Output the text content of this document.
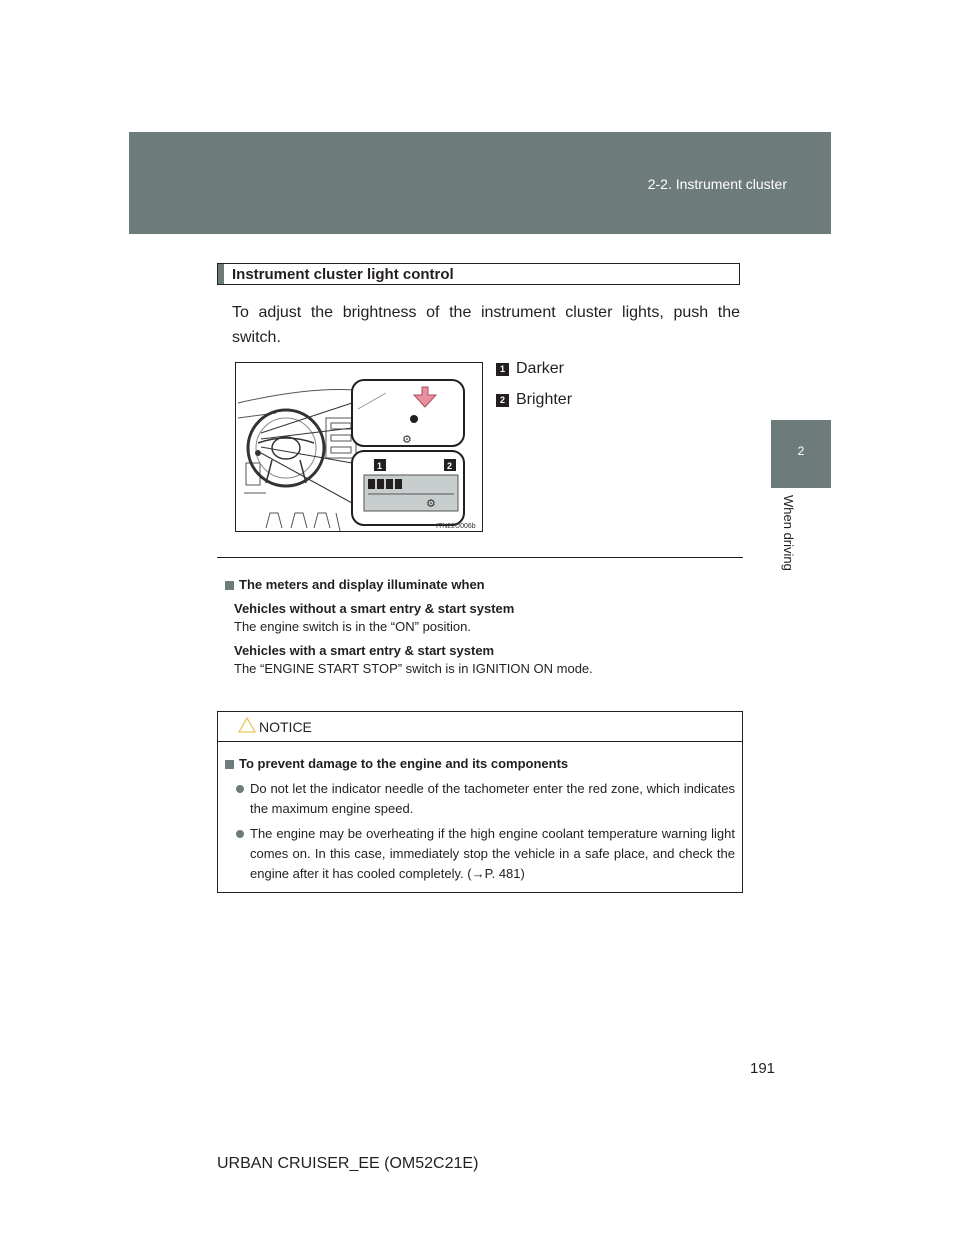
2-2. Instrument cluster
2
When driving
Instrument cluster light control
To adjust the brightness of the instrument cluster lights, push the switch.
⚙
1	2
⚙
ITN22U006b
1 Darker
2 Brighter
The meters and display illuminate when
Vehicles without a smart entry & start system
The engine switch is in the “ON” position.
Vehicles with a smart entry & start system
The “ENGINE START STOP” switch is in IGNITION ON mode.
NOTICE
To prevent damage to the engine and its components
Do not let the indicator needle of the tachometer enter the red zone, which indicates the maximum engine speed.
The engine may be overheating if the high engine coolant temperature warning light comes on. In this case, immediately stop the vehicle in a safe place, and check the engine after it has cooled completely. (→P. 481)
191
URBAN CRUISER_EE (OM52C21E)
